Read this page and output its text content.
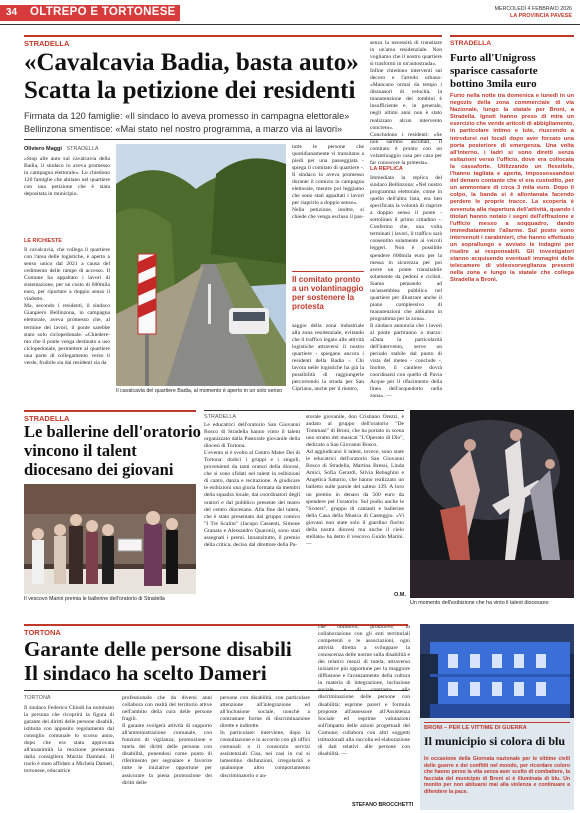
34 OLTREPO E TORTONESE	MERCOLEDÌ 4 FEBBRAIO 2026
LA PROVINCIA PAVESE
STRADELLA
«Cavalcavia Badia, basta auto»
Scatta la petizione dei residenti
Firmata da 120 famiglie: «Il sindaco lo aveva promesso in campagna elettorale»
Bellinzona smentisce: «Mai stato nel nostro programma, a marzo via ai lavori»
Oliviero Maggi STRADELLA
«Stop alle auto sul cavalcavia della Badia, il sindaco lo aveva promesso in campagna elettorale». Lo chiedono 120 famiglie che abitano nel quartiere con una petizione che è stata depositata in municipio.
LE RICHIESTE
Il cavalcavia, che collega il quartiere con l'area delle logistiche, è aperto a senso unico dal 2021 a causa del cedimento delle rampe di accesso. Il Comune ha appaltato i lavori di sistemazione, per un costo di 600mila euro, per riportare a doppio senso il viadotto.
Ma, secondo i residenti, il sindaco Gianpiero Bellinzona, in campagna elettorale, aveva promesso che, al termine dei lavori, il ponte sarebbe stato solo ciclopedonale. «Chiedere-mo che il ponte venga destinato a uso ciclopedonale, permettere al quartiere una parte di collegamento verso il verde, fruibile sia dai residenti sia da
Il cavalcavia del quartiere Badia, al momento è aperto in un solo senso
tutte le persone che quotidianamente vi transitano a piedi per una passeggiata - spiega il comitato di quartiere -. Il sindaco lo aveva promesso durante il comizio in campagna elettorale, mentre poi leggiamo che sono stati appaltati i lavori per riaprirlo a doppio senso».
Nella petizione, inoltre, si chiede che venga escluso il pas-
Il comitato pronto a un volantinaggio per sostenere la protesta
saggio della zona industriale alla zona residenziale, evitando che il traffico legato alle attività logistiche attraversi il nostro quartiere - spiegano ancora i residenti della Badia -. Chi lavora nelle logistiche ha già la possibilità di raggiungerle percorrendo la strada per San Cipriano, anche per il rientro,
senza la necessità di transitare in un'area residenziale. Non vogliamo che il nostro quartiere si trasformi in un'autostrada».
Infine chiedono interventi sul decoro e l'arredo urbano: «Mancano ormai da tempo i dissuasori di velocità, la manutenzione dei tombini è insufficiente e, in generale, negli ultimi anni non è stato realizzato alcun intervento concreto».
Concludono i residenti: «Se non saremo ascoltati, il comitato è pronto con un volantinaggio casa per casa per far conoscere la protesta».
LA REPLICA
Immediata la replica del sindaco Bellinzona: «Nel nostro programma elettorale, come in quello dell'altra lista, era ben specificata la volontà di riaprire a doppio senso il ponte - sottolinea il primo cittadino -. Confermo che, una volta terminati i lavori, il traffico sarà consentito solamente ai veicoli leggeri. Non è possibile spendere 600mila euro per la messa in sicurezza per poi avere un ponte transitabile solamente da pedoni e ciclisti. Siamo pensando ad un'assemblea pubblica nel quartiere per illustrare anche il piano complessivo di manutenzioni che abbiamo in programma per la zona».
Il sindaco annuncia che i lavori al ponte partiranno a marzo: «Data la particolarità dell'intervento, serve un periodo stabile dal punto di vista del meteo - conclude -. Inoltre, il cantiere dovrà coordinarsi con quello di Pavia Acque per il rifacimento della linea dell'acquedotto nella zona». —
STRADELLA
Furto all'Unigross sparisce cassaforte bottino 3mila euro
Furto nella notte tra domenica e lunedì in un negozio della zona commerciale di via Nazionale, lungo la statale per Broni, a Stradella. Ignoti hanno preso di mira un esercizio che vende articoli di abbigliamento, in particolare intimo e tute, riuscendo a introdursi nei locali dopo aver forzato una porta posteriore di emergenza. Una volta all'interno, i ladri si sono diretti senza esitazioni verso l'ufficio, dove era collocata la cassaforte. Utilizzando un flessibile, l'hanno tagliata e aperta, impossessandosi del denaro contante che vi era custodito, per un ammontare di circa 3 mila euro. Dopo il colpo, la banda si è allontanata facendo perdere le proprie tracce. La scoperta è avvenuta alla riapertura dell'attività, quando i titolari hanno notato i segni dell'effrazione e l'ufficio messo a soqquadro, dando immediatamente l'allarme. Sul posto sono intervenuti i carabinieri, che hanno effettuato un sopralluogo e avviato le indagini per risalire ai responsabili. Gli investigatori stanno acquisendo eventuali immagini delle telecamere di videosorveglianza presenti nella zona e lungo la statale che collega Stradella a Broni.
STRADELLA
Le ballerine dell'oratorio
vincono il talent
diocesano dei giovani
Il vescovo Marini premia le ballerine dell'oratorio di Stradella
STRADELLA
Le educatrici dell'oratorio San Giovanni Bosco di Stradella hanno vinto il talent organizzato dalla Pastorale giovanile della diocesi di Tortona.
L'evento si è svolto al Centro Mater Dei di Tortona: dodici i gruppi e i singoli, provenienti da tanti oratori della diocesi, che si sono sfidati nel talent in esibizioni di canto, danza e recitazione. A giudicare le esibizioni una giuria formata da membri della squadra locale, dai coordinatori degli oratori e dal pubblico presente del teatro del centro diocesano. Alla fine del talent, che è stato presentato dal gruppo comico "I Tre Scalini" (Jacopo Cassenti, Simone Granata e Alessandro Quaroni), sono stati assegnati i premi. Innanzitutto, il premio della critica, deciso dal direttore della Pa-
storale giovanile, don Cristiano Orezzi, è andato al gruppo dell'oratorio "De Tommasi" di Broni, che ha portato in scena uno stratto del musical "L'Operato di Dio", dedicato a San Giovanni Bosco.
Ad aggiudicarsi il talent, invece, sono state le educatrici dell'oratorio San Giovanni Bosco di Stradella, Martina Bressi, Linda Amici, Sofia Gerardi, Silvia Rebughini e Angelica Saturno, che hanno realizzato un balletto sulle parole del salmo 139. A loro un premio in denaro da 500 euro da spendere per l'oratorio. Sul podio anche le "Sixters", gruppo di cantanti e ballerine della Casa della Musica di Casteggio. «Vi giovani non state solo il giardino fiorito della nostra diocesi ma anche il cielo stellato» ha detto il vescovo Guido Marini. —
O.M.
Un momento dell'esibizione che ha vinto il talent diocesano
TORTONA
Garante delle persone disabili
Il sindaco ha scelto Dameri
TORTONA
Il sindaco Federico Chiodi ha nominato la persona che ricoprirà la figura di garante dei diritti delle persone disabili, istituita con apposito regolamento dal consiglio comunale lo scorso anno, dopo che era stata approvata all'unanimità la mozione presentata dalla consigliera Marzia Damiani. Il ruolo è stato affidato a Michela Dameri, tortonese, educatrice
professionale che da diversi anni collabora con realtà del territorio attive nell'ambito della cura delle persone fragili.
Il garante svolgerà attività di supporto all'amministrazione comunale, con funzioni di vigilanza, promozione e tutela dei diritti delle persone con disabilità, ponendosi come punto di riferimento per segnalare e favorire tutte le iniziative opportune per assicurare la piena promozione dei diritti delle
persone con disabilità, con particolare attenzione all'integrazione ed all'inclusione sociale, nonché a contrastare forme di discriminazione dirette e indirette.
In particolare: interviene, dopo la consultazione e in accordo con gli uffici comunali o il consorzio servizi assistenziali Cisa, nei casi in cui si lamentino disfunzioni, irregolarità e qualunque altro comportamento discriminatorio o an-
che omissivo; promuove, in collaborazione con gli enti territoriali competenti e le associazioni, ogni attività diretta a sviluppare la conoscenza delle norme sulla disabilità e dei relativi mezzi di tutela, attraverso iniziative più opportune per la maggiore diffusione e l'avanzamento della cultura in materia di integrazione, inclusione sociale e di contrasto alla discriminazione delle persone con disabilità; esprime pareri e formula proposte all'assessore all'Assistenza Sociale ed esprime valutazioni sull'impatto delle azioni progettuali del Comune; collabora con altri soggetti istituzionali alla raccolta ed elaborazione di dati relativi alle persone con disabilità. —
STEFANO BROCCHETTI
BRONI – PER LE VITTIME DI GUERRA
Il municipio si colora di blu
In occasione della Giornata nazionale per le vittime civili delle guerre e dei conflitti nel mondo, per ricordare coloro che hanno perso la vita senza aver scelto di combattere, la facciata del municipio di Broni si è illuminata di blu. Un monito per non abituarsi mai alla violenza e continuare a difendere la pace.
